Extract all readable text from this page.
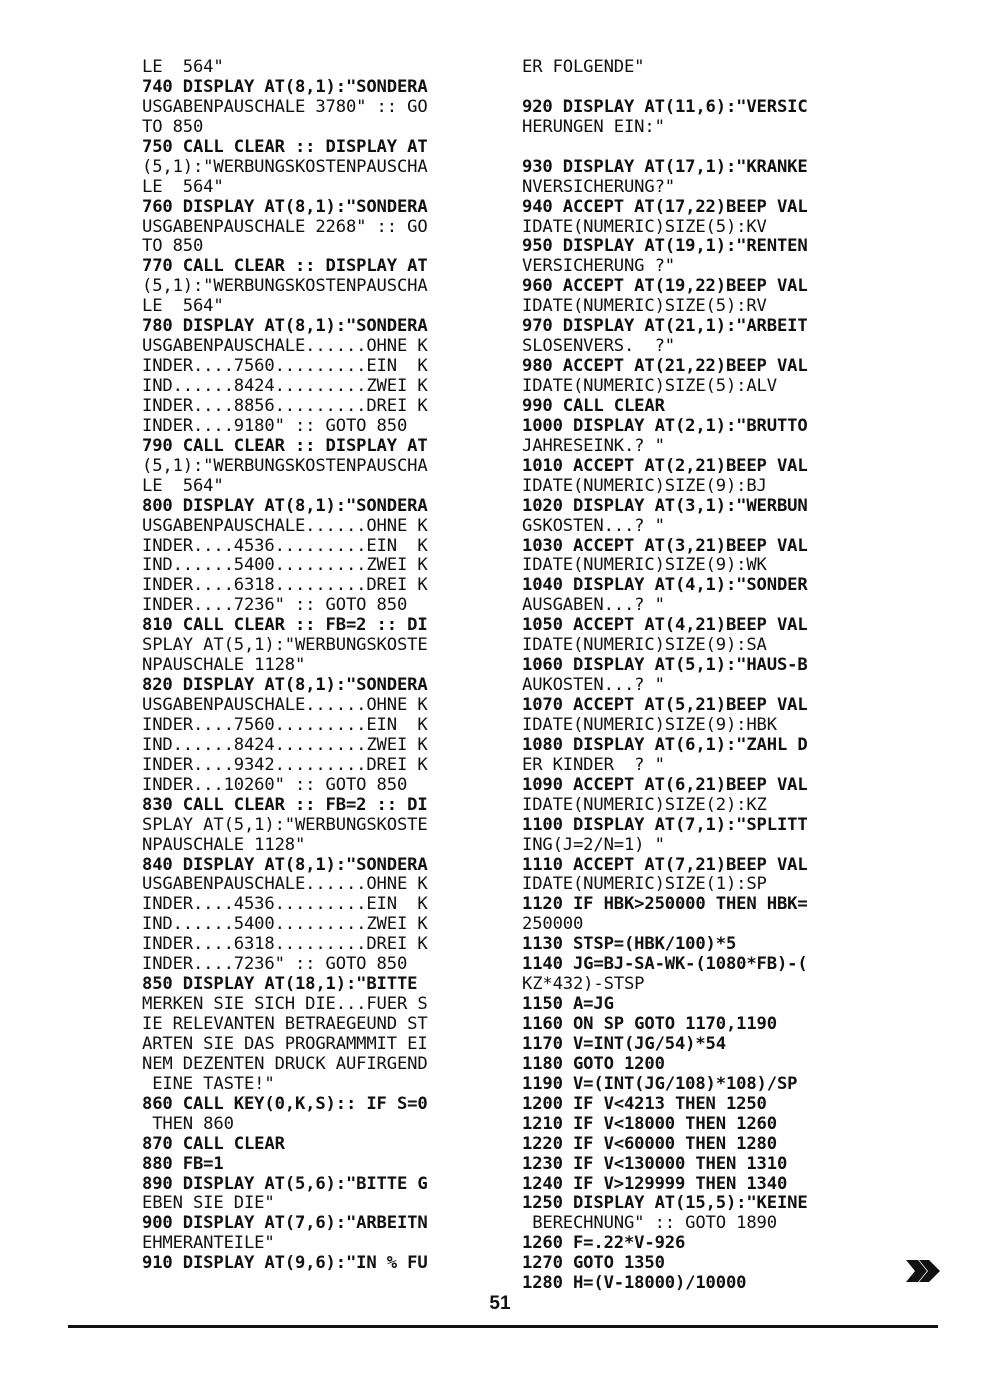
LE  564"
740 DISPLAY AT(8,1):"SONDERA
USGABENPAUSCHALE 3780" :: GO
TO 850
750 CALL CLEAR :: DISPLAY AT
(5,1):"WERBUNGSKOSTENPAUSCHA
LE  564"
760 DISPLAY AT(8,1):"SONDERA
USGABENPAUSCHALE 2268" :: GO
TO 850
770 CALL CLEAR :: DISPLAY AT
(5,1):"WERBUNGSKOSTENPAUSCHA
LE  564"
780 DISPLAY AT(8,1):"SONDERA
USGABENPAUSCHALE......OHNE K
INDER....7560.........EIN  K
IND......8424.........ZWEI K
INDER....8856.........DREI K
INDER....9180" :: GOTO 850
790 CALL CLEAR :: DISPLAY AT
(5,1):"WERBUNGSKOSTENPAUSCHA
LE  564"
800 DISPLAY AT(8,1):"SONDERA
USGABENPAUSCHALE......OHNE K
INDER....4536.........EIN  K
IND......5400.........ZWEI K
INDER....6318.........DREI K
INDER....7236" :: GOTO 850
810 CALL CLEAR :: FB=2 :: DI
SPLAY AT(5,1):"WERBUNGSKOSTE
NPAUSCHALE 1128"
820 DISPLAY AT(8,1):"SONDERA
USGABENPAUSCHALE......OHNE K
INDER....7560.........EIN  K
IND......8424.........ZWEI K
INDER....9342.........DREI K
INDER...10260" :: GOTO 850
830 CALL CLEAR :: FB=2 :: DI
SPLAY AT(5,1):"WERBUNGSKOSTE
NPAUSCHALE 1128"
840 DISPLAY AT(8,1):"SONDERA
USGABENPAUSCHALE......OHNE K
INDER....4536.........EIN  K
IND......5400.........ZWEI K
INDER....6318.........DREI K
INDER....7236" :: GOTO 850
850 DISPLAY AT(18,1):"BITTE
MERKEN SIE SICH DIE...FUER S
IE RELEVANTEN BETRAEGEUND ST
ARTEN SIE DAS PROGRAMMMIT EI
NEM DEZENTEN DRUCK AUFIRGEND
EINE TASTE!"
860 CALL KEY(0,K,S):: IF S=0
THEN 860
870 CALL CLEAR
880 FB=1
890 DISPLAY AT(5,6):"BITTE G
EBEN SIE DIE"
900 DISPLAY AT(7,6):"ARBEITN
EHMERANTEILE"
910 DISPLAY AT(9,6):"IN % FU
ER FOLGENDE"
920 DISPLAY AT(11,6):"VERSIC
HERUNGEN EIN:"
930 DISPLAY AT(17,1):"KRANKE
NVERSICHERUNG?"
940 ACCEPT AT(17,22)BEEP VAL
IDATE(NUMERIC)SIZE(5):KV
950 DISPLAY AT(19,1):"RENTEN
VERSICHERUNG ?"
960 ACCEPT AT(19,22)BEEP VAL
IDATE(NUMERIC)SIZE(5):RV
970 DISPLAY AT(21,1):"ARBEIT
SLOSENVERS.  ?"
980 ACCEPT AT(21,22)BEEP VAL
IDATE(NUMERIC)SIZE(5):ALV
990 CALL CLEAR
1000 DISPLAY AT(2,1):"BRUTTO
JAHRESEINK.? "
1010 ACCEPT AT(2,21)BEEP VAL
IDATE(NUMERIC)SIZE(9):BJ
1020 DISPLAY AT(3,1):"WERBUN
GSKOSTEN...? "
1030 ACCEPT AT(3,21)BEEP VAL
IDATE(NUMERIC)SIZE(9):WK
1040 DISPLAY AT(4,1):"SONDER
AUSGABEN...? "
1050 ACCEPT AT(4,21)BEEP VAL
IDATE(NUMERIC)SIZE(9):SA
1060 DISPLAY AT(5,1):"HAUS-B
AUKOSTEN...? "
1070 ACCEPT AT(5,21)BEEP VAL
IDATE(NUMERIC)SIZE(9):HBK
1080 DISPLAY AT(6,1):"ZAHL D
ER KINDER  ? "
1090 ACCEPT AT(6,21)BEEP VAL
IDATE(NUMERIC)SIZE(2):KZ
1100 DISPLAY AT(7,1):"SPLITT
ING(J=2/N=1) "
1110 ACCEPT AT(7,21)BEEP VAL
IDATE(NUMERIC)SIZE(1):SP
1120 IF HBK>250000 THEN HBK=
250000
1130 STSP=(HBK/100)*5
1140 JG=BJ-SA-WK-(1080*FB)-(
KZ*432)-STSP
1150 A=JG
1160 ON SP GOTO 1170,1190
1170 V=INT(JG/54)*54
1180 GOTO 1200
1190 V=(INT(JG/108)*108)/SP
1200 IF V<4213 THEN 1250
1210 IF V<18000 THEN 1260
1220 IF V<60000 THEN 1280
1230 IF V<130000 THEN 1310
1240 IF V>129999 THEN 1340
1250 DISPLAY AT(15,5):"KEINE
BERECHNUNG" :: GOTO 1890
1260 F=.22*V-926
1270 GOTO 1350
1280 H=(V-18000)/10000
51
